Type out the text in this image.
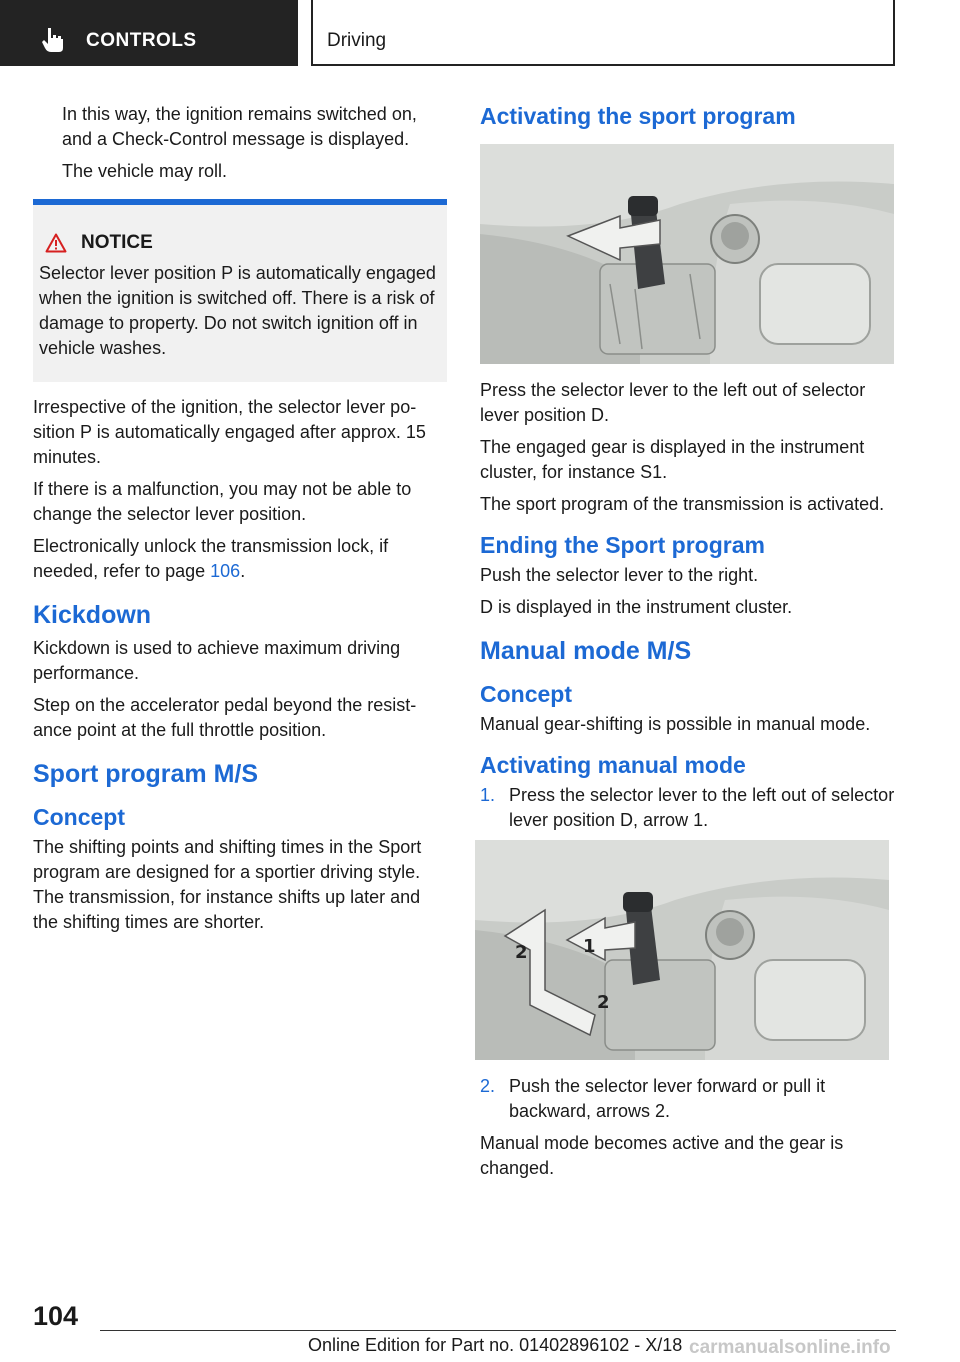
CONTROLS	Driving

In this way, the ignition remains switched on, and a Check-Control message is displayed.

The vehicle may roll.

NOTICE

Selector lever position P is automatically engaged when the ignition is switched off. There is a risk of damage to property. Do not switch ignition off in vehicle washes.

Irrespective of the ignition, the selector lever position P is automatically engaged after approx. 15 minutes.

If there is a malfunction, you may not be able to change the selector lever position.

Electronically unlock the transmission lock, if needed, refer to page 106.

Kickdown

Kickdown is used to achieve maximum driving performance.

Step on the accelerator pedal beyond the resistance point at the full throttle position.

Sport program M/S
Concept

The shifting points and shifting times in the Sport program are designed for a sportier driving style. The transmission, for instance shifts up later and the shifting times are shorter.

Activating the sport program

Press the selector lever to the left out of selector lever position D.

The engaged gear is displayed in the instrument cluster, for instance S1.

The sport program of the transmission is activated.

Ending the Sport program

Push the selector lever to the right.

D is displayed in the instrument cluster.

Manual mode M/S
Concept

Manual gear-shifting is possible in manual mode.

Activating manual mode
1. Press the selector lever to the left out of selector lever position D, arrow 1.
1
2
2
2. Push the selector lever forward or pull it backward, arrows 2.

Manual mode becomes active and the gear is changed.

104
Online Edition for Part no. 01402896102 - X/18 carmanualsonline.info
